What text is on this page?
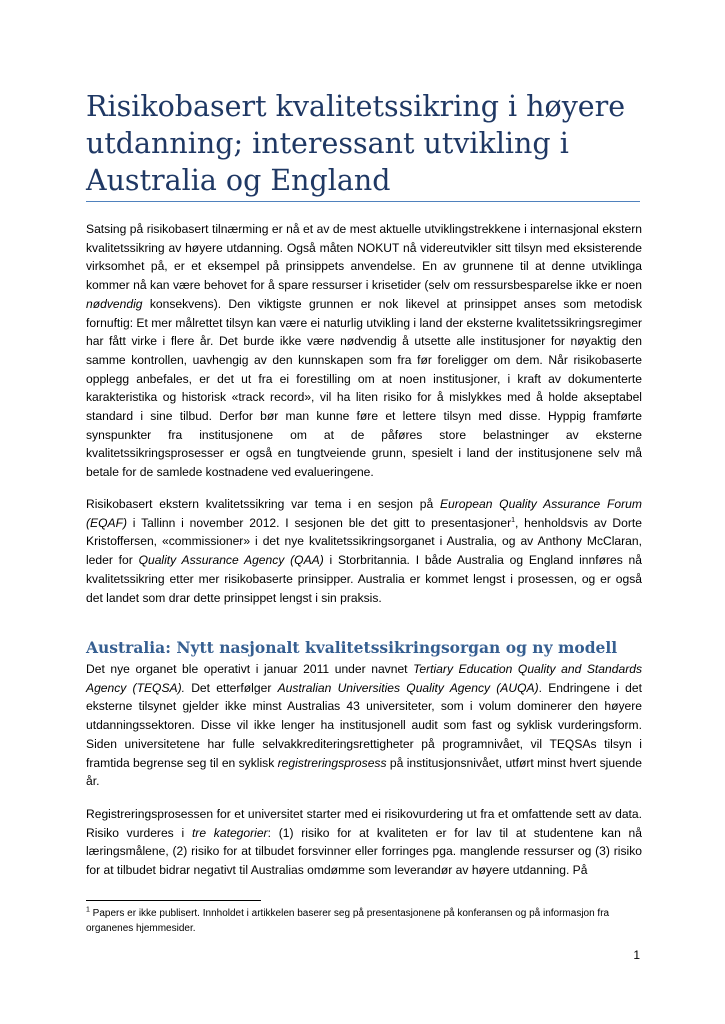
Risikobasert kvalitetssikring i høyere utdanning; interessant utvikling i Australia og England

Satsing på risikobasert tilnærming er nå et av de mest aktuelle utviklingstrekkene i internasjonal ekstern kvalitetssikring av høyere utdanning. Også måten NOKUT nå videreutvikler sitt tilsyn med eksisterende virksomhet på, er et eksempel på prinsippets anvendelse. En av grunnene til at denne utviklinga kommer nå kan være behovet for å spare ressurser i krisetider (selv om ressursbesparelse ikke er noen nødvendig konsekvens). Den viktigste grunnen er nok likevel at prinsippet anses som metodisk fornuftig: Et mer målrettet tilsyn kan være ei naturlig utvikling i land der eksterne kvalitetssikringsregimer har fått virke i flere år. Det burde ikke være nødvendig å utsette alle institusjoner for nøyaktig den samme kontrollen, uavhengig av den kunnskapen som fra før foreligger om dem. Når risikobaserte opplegg anbefales, er det ut fra ei forestilling om at noen institusjoner, i kraft av dokumenterte karakteristika og historisk «track record», vil ha liten risiko for å mislykkes med å holde akseptabel standard i sine tilbud. Derfor bør man kunne føre et lettere tilsyn med disse. Hyppig framførte synspunkter fra institusjonene om at de påføres store belastninger av eksterne kvalitetssikringsprosesser er også en tungtveiende grunn, spesielt i land der institusjonene selv må betale for de samlede kostnadene ved evalueringene.

Risikobasert ekstern kvalitetssikring var tema i en sesjon på European Quality Assurance Forum (EQAF) i Tallinn i november 2012. I sesjonen ble det gitt to presentasjoner$^1$, henholdsvis av Dorte Kristoffersen, «commissioner» i det nye kvalitetssikringsorganet i Australia, og av Anthony McClaran, leder for Quality Assurance Agency (QAA) i Storbritannia. I både Australia og England innføres nå kvalitetssikring etter mer risikobaserte prinsipper. Australia er kommet lengst i prosessen, og er også det landet som drar dette prinsippet lengst i sin praksis.

Australia: Nytt nasjonalt kvalitetssikringsorgan og ny modell

Det nye organet ble operativt i januar 2011 under navnet Tertiary Education Quality and Standards Agency (TEQSA). Det etterfølger Australian Universities Quality Agency (AUQA). Endringene i det eksterne tilsynet gjelder ikke minst Australias 43 universiteter, som i volum dominerer den høyere utdanningssektoren. Disse vil ikke lenger ha institusjonell audit som fast og syklisk vurderingsform. Siden universitetene har fulle selvakkrediteringsrettigheter på programnivået, vil TEQSAs tilsyn i framtida begrense seg til en syklisk registreringsprosess på institusjonsnivået, utført minst hvert sjuende år.

Registreringsprosessen for et universitet starter med ei risikovurdering ut fra et omfattende sett av data. Risiko vurderes i tre kategorier: (1) risiko for at kvaliteten er for lav til at studentene kan nå læringsmålene, (2) risiko for at tilbudet forsvinner eller forringes pga. manglende ressurser og (3) risiko for at tilbudet bidrar negativt til Australias omdømme som leverandør av høyere utdanning. På

$^1$ Papers er ikke publisert. Innholdet i artikkelen baserer seg på presentasjonene på konferansen og på informasjon fra organenes hjemmesider.

1
